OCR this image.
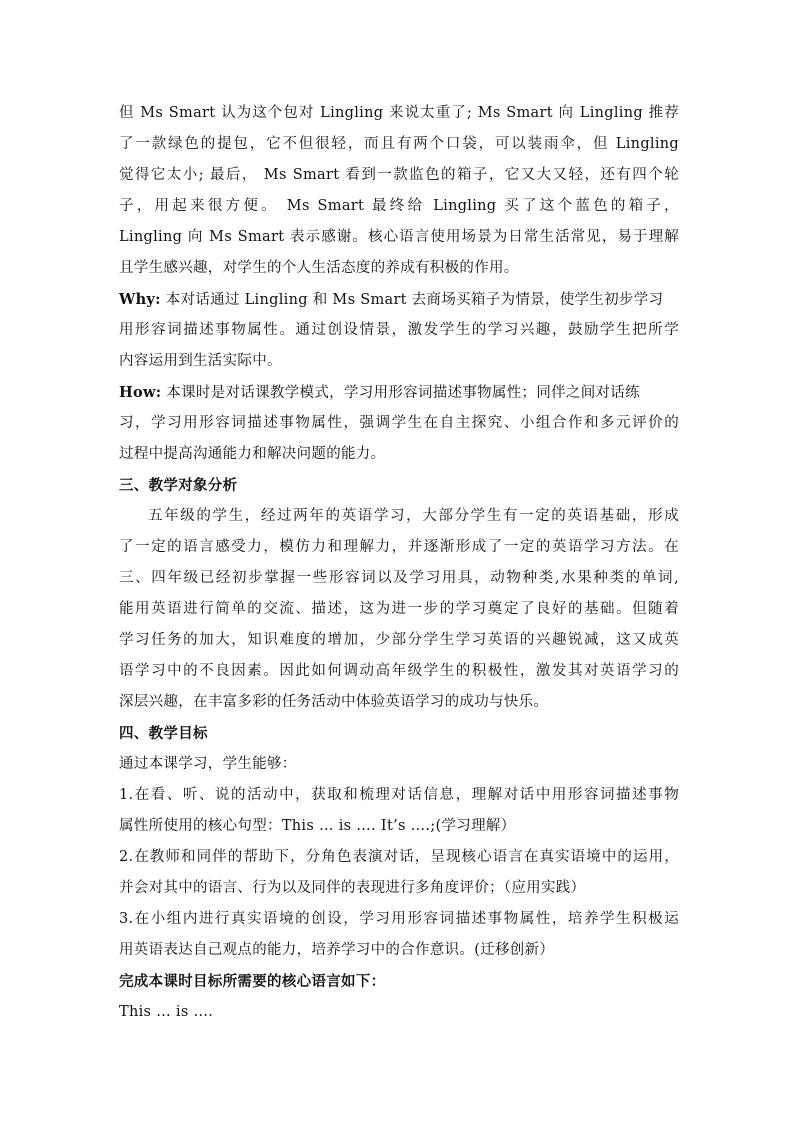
但 Ms Smart 认为这个包对 Lingling 来说太重了; Ms Smart 向 Lingling 推荐
了一款绿色的提包，它不但很轻，而且有两个口袋，可以装雨伞，但 Lingling
觉得它太小; 最后， Ms Smart 看到一款监色的箱子，它又大又轻，还有四个轮
子，用起来很方便。 Ms Smart 最终给 Lingling 买了这个蓝色的箱子，
Lingling 向 Ms Smart 表示感谢。核心语言使用场景为日常生活常见，易于理解
且学生感兴趣，对学生的个人生活态度的养成有积极的作用。
Why: 本对话通过 Lingling 和 Ms Smart 去商场买箱子为情景，使学生初步学习
用形容词描述事物属性。通过创设情景，激发学生的学习兴趣，鼓励学生把所学
内容运用到生活实际中。
How: 本课时是对话课教学模式，学习用形容词描述事物属性；同伴之间对话练
习，学习用形容词描述事物属性，强调学生在自主探究、小组合作和多元评价的
过程中提高沟通能力和解决问题的能力。
三、教学对象分析
五年级的学生，经过两年的英语学习，大部分学生有一定的英语基础，形成
了一定的语言感受力，模仿力和理解力，并逐渐形成了一定的英语学习方法。在
三、四年级已经初步掌握一些形容词以及学习用具，动物种类,水果种类的单词,
能用英语进行简单的交流、描述，这为进一步的学习奠定了良好的基础。但随着
学习任务的加大，知识难度的增加，少部分学生学习英语的兴趣锐减，这又成英
语学习中的不良因素。因此如何调动高年级学生的积极性，激发其对英语学习的
深层兴趣，在丰富多彩的任务活动中体验英语学习的成功与快乐。
四、教学目标
通过本课学习，学生能够：
1.在看、听、说的活动中，获取和梳理对话信息，理解对话中用形容词描述事物
属性所使用的核心句型：This … is …. It’s ….;(学习理解）
2.在教师和同伴的帮助下，分角色表演对话，呈现核心语言在真实语境中的运用，
并会对其中的语言、行为以及同伴的表现进行多角度评价；（应用实践）
3.在小组内进行真实语境的创设，学习用形容词描述事物属性，培养学生积极运
用英语表达自己观点的能力，培养学习中的合作意识。(迁移创新）
完成本课时目标所需要的核心语言如下：
This … is ….
